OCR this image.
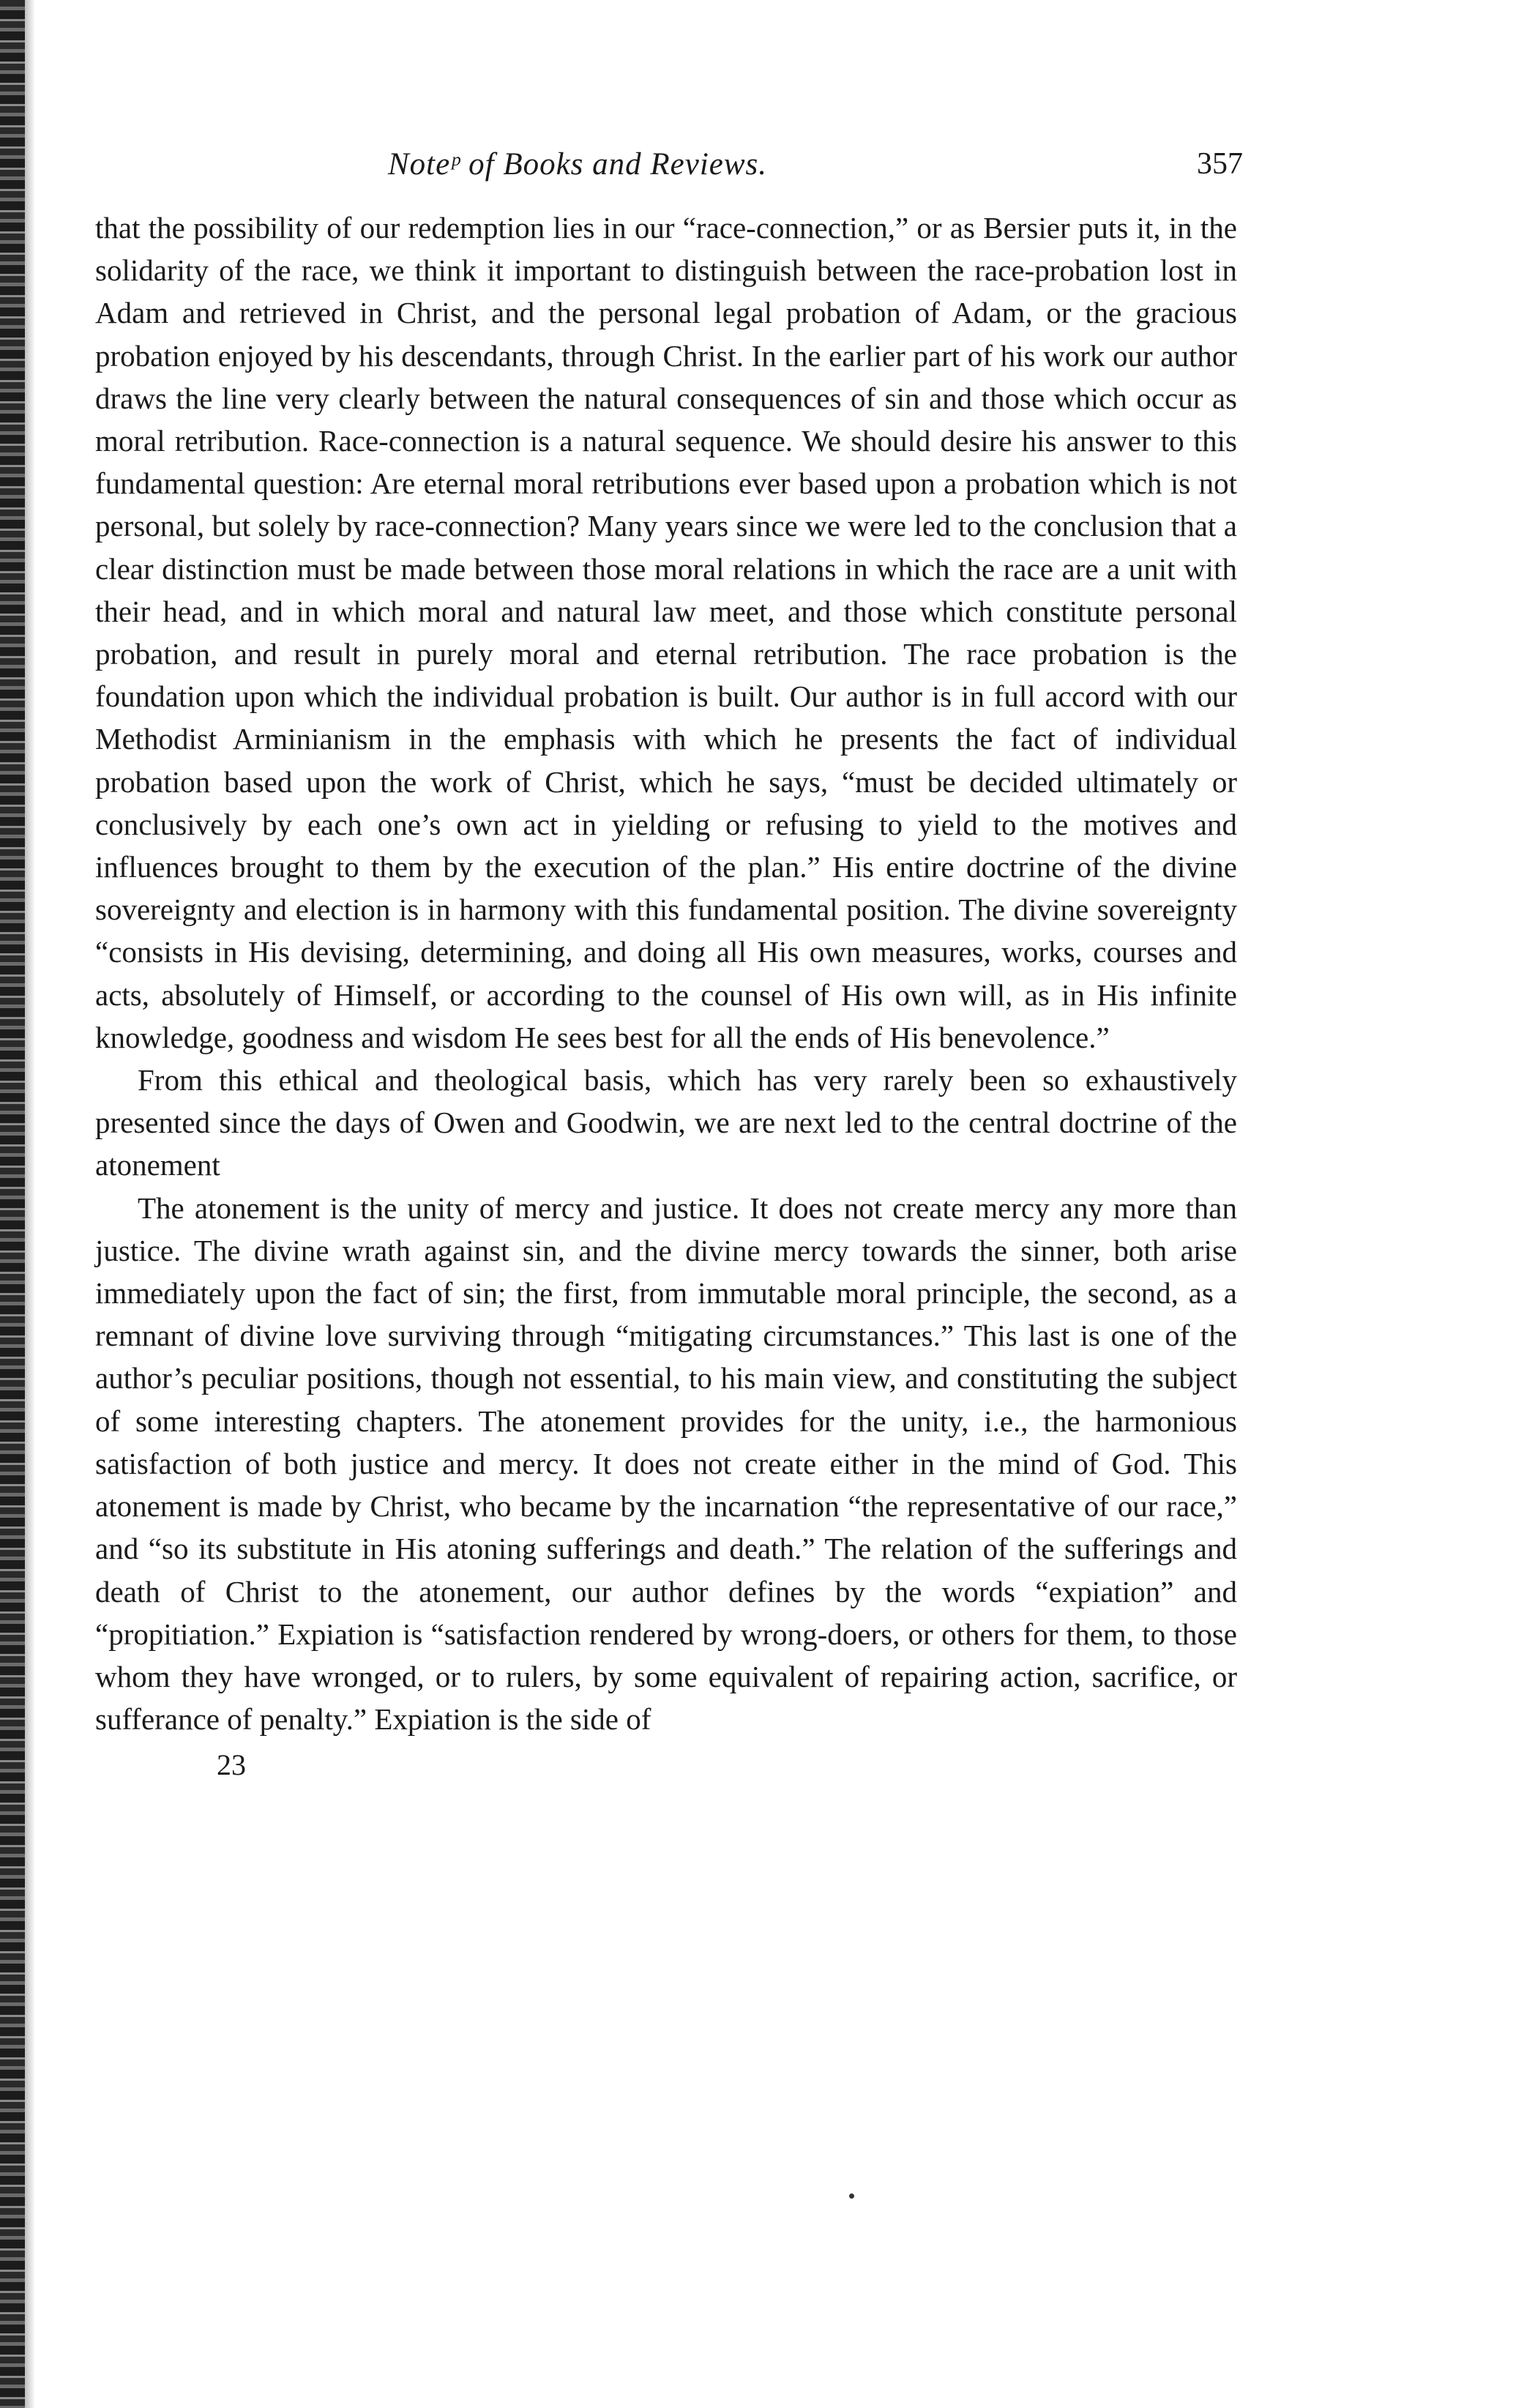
Noteᵖ of Books and Reviews.	357

that the possibility of our redemption lies in our “race-connection,” or as Bersier puts it, in the solidarity of the race, we think it important to distinguish between the race-probation lost in Adam and retrieved in Christ, and the personal legal probation of Adam, or the gracious probation enjoyed by his descendants, through Christ. In the earlier part of his work our author draws the line very clearly between the natural consequences of sin and those which occur as moral retribution. Race-connection is a natural sequence. We should desire his answer to this fundamental question: Are eternal moral retributions ever based upon a probation which is not personal, but solely by race-connection? Many years since we were led to the conclusion that a clear distinction must be made between those moral relations in which the race are a unit with their head, and in which moral and natural law meet, and those which constitute personal probation, and result in purely moral and eternal retribution. The race probation is the foundation upon which the individual probation is built. Our author is in full accord with our Methodist Arminianism in the emphasis with which he presents the fact of individual probation based upon the work of Christ, which he says, “must be decided ultimately or conclusively by each one’s own act in yielding or refusing to yield to the motives and influences brought to them by the execution of the plan.” His entire doctrine of the divine sovereignty and election is in harmony with this fundamental position. The divine sovereignty “consists in His devising, determining, and doing all His own measures, works, courses and acts, absolutely of Himself, or according to the counsel of His own will, as in His infinite knowledge, goodness and wisdom He sees best for all the ends of His benevolence.”

From this ethical and theological basis, which has very rarely been so exhaustively presented since the days of Owen and Goodwin, we are next led to the central doctrine of the atonement

The atonement is the unity of mercy and justice. It does not create mercy any more than justice. The divine wrath against sin, and the divine mercy towards the sinner, both arise immediately upon the fact of sin; the first, from immutable moral principle, the second, as a remnant of divine love surviving through “mitigating circumstances.” This last is one of the author’s peculiar positions, though not essential, to his main view, and constituting the subject of some interesting chapters. The atonement provides for the unity, i.e., the harmonious satisfaction of both justice and mercy. It does not create either in the mind of God. This atonement is made by Christ, who became by the incarnation “the representative of our race,” and “so its substitute in His atoning sufferings and death.” The relation of the sufferings and death of Christ to the atonement, our author defines by the words “expiation” and “propitiation.” Expiation is “satisfaction rendered by wrong-doers, or others for them, to those whom they have wronged, or to rulers, by some equivalent of repairing action, sacrifice, or sufferance of penalty.” Expiation is the side of

23
